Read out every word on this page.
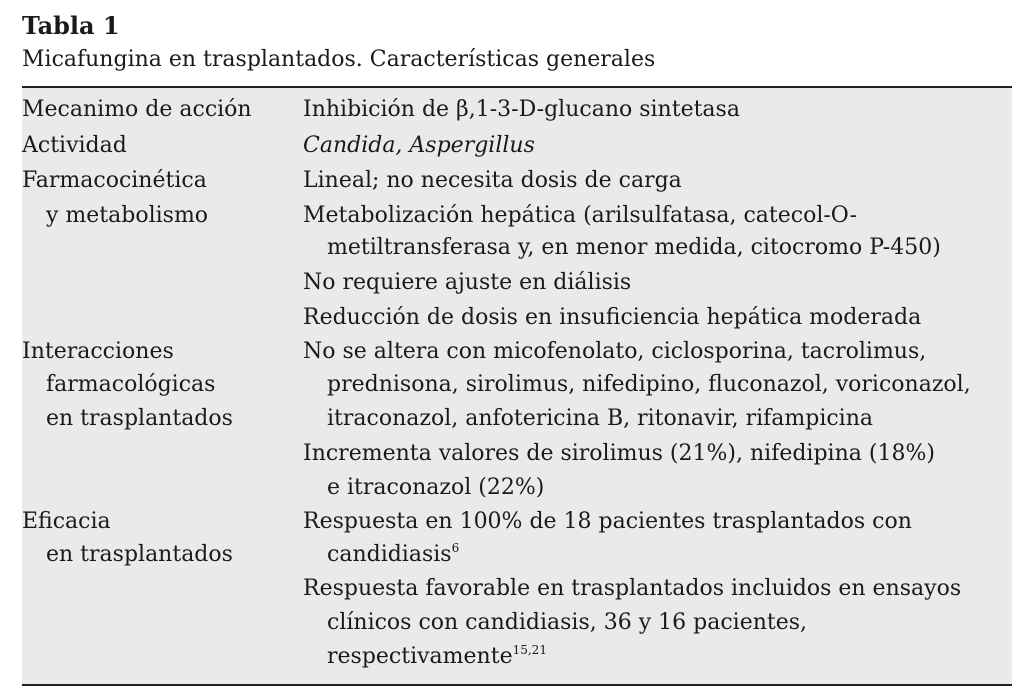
Tabla 1
Micafungina en trasplantados. Características generales
Mecanimo de acción Inhibición de β,1-3-D-glucano sintetasa
Actividad	Candida, Aspergillus
Farmacocinética
y metabolismo
Lineal; no necesita dosis de carga
Metabolización hepática (arilsulfatasa, catecol-O-
metiltransferasa y, en menor medida, citocromo P-450)
No requiere ajuste en diálisis
Reducción de dosis en insuficiencia hepática moderada
Interacciones
farmacológicas
en trasplantados
No se altera con micofenolato, ciclosporina, tacrolimus,
prednisona, sirolimus, nifedipino, fluconazol, voriconazol,
itraconazol, anfotericina B, ritonavir, rifampicina
Incrementa valores de sirolimus (21%), nifedipina (18%)
e itraconazol (22%)
Eficacia
en trasplantados
Respuesta en 100% de 18 pacientes trasplantados con
candidiasis$^6$
Respuesta favorable en trasplantados incluidos en ensayos
clínicos con candidiasis, 36 y 16 pacientes,
respectivamente$^{15,21}$
